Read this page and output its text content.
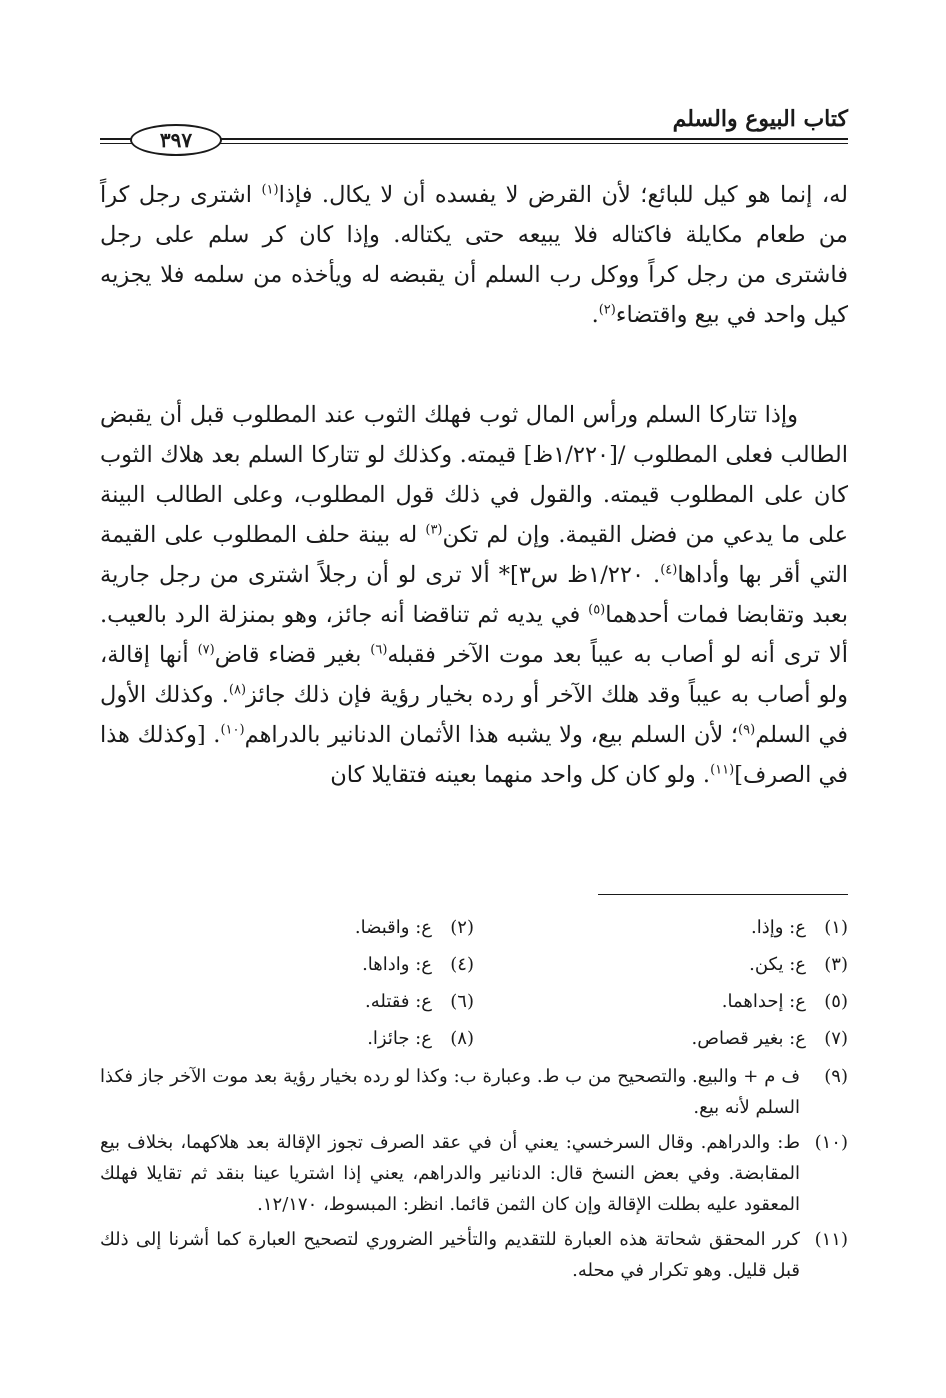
كتاب البيوع والسلم
٣٩٧

له، إنما هو كيل للبائع؛ لأن القرض لا يفسده أن لا يكال. فإذا$^{(١)}$ اشترى رجل كراً من طعام مكايلة فاكتاله فلا يبيعه حتى يكتاله. وإذا كان كر سلم على رجل فاشترى من رجل كراً ووكل رب السلم أن يقبضه له ويأخذه من سلمه فلا يجزيه كيل واحد في بيع واقتضاء$^{(٢)}$.

وإذا تتاركا السلم ورأس المال ثوب فهلك الثوب عند المطلوب قبل أن يقبض الطالب فعلى المطلوب /[١/٢٢٠ظ] قيمته. وكذلك لو تتاركا السلم بعد هلاك الثوب كان على المطلوب قيمته. والقول في ذلك قول المطلوب، وعلى الطالب البينة على ما يدعي من فضل القيمة. وإن لم تكن$^{(٣)}$ له بينة حلف المطلوب على القيمة التي أقر بها وأداها$^{(٤)}$. ١/٢٢٠ظ س٣]* ألا ترى لو أن رجلاً اشترى من رجل جارية بعبد وتقابضا فمات أحدهما$^{(٥)}$ في يديه ثم تناقضا أنه جائز، وهو بمنزلة الرد بالعيب. ألا ترى أنه لو أصاب به عيباً بعد موت الآخر فقبله$^{(٦)}$ بغير قضاء قاض$^{(٧)}$ أنها إقالة، ولو أصاب به عيباً وقد هلك الآخر أو رده بخيار رؤية فإن ذلك جائز$^{(٨)}$. وكذلك الأول في السلم$^{(٩)}$؛ لأن السلم بيع، ولا يشبه هذا الأثمان الدنانير بالدراهم$^{(١٠)}$. [وكذلك هذا في الصرف]$^{(١١)}$. ولو كان كل واحد منهما بعينه فتقايلا كان

(١)
ع: وإذا.
(٢)
ع: واقبضا.
(٣)
ع: يكن.
(٤)
ع: واداها.
(٥)
ع: إحداهما.
(٦)
ع: فقتله.
(٧)
ع: بغير قصاص.
(٨)
ع: جائزا.
(٩)
ف م + والبيع. والتصحيح من ب ط. وعبارة ب: وكذا لو رده بخيار رؤية بعد موت الآخر جاز فكذا السلم لأنه بيع.
(١٠)
ط: والدراهم. وقال السرخسي: يعني أن في عقد الصرف تجوز الإقالة بعد هلاكهما، بخلاف بيع المقابضة. وفي بعض النسخ قال: الدنانير والدراهم، يعني إذا اشتريا عينا بنقد ثم تقايلا فهلك المعقود عليه بطلت الإقالة وإن كان الثمن قائما. انظر: المبسوط، ١٢/١٧٠.
(١١)
كرر المحقق شحاتة هذه العبارة للتقديم والتأخير الضروري لتصحيح العبارة كما أشرنا إلى ذلك قبل قليل. وهو تكرار في محله.
